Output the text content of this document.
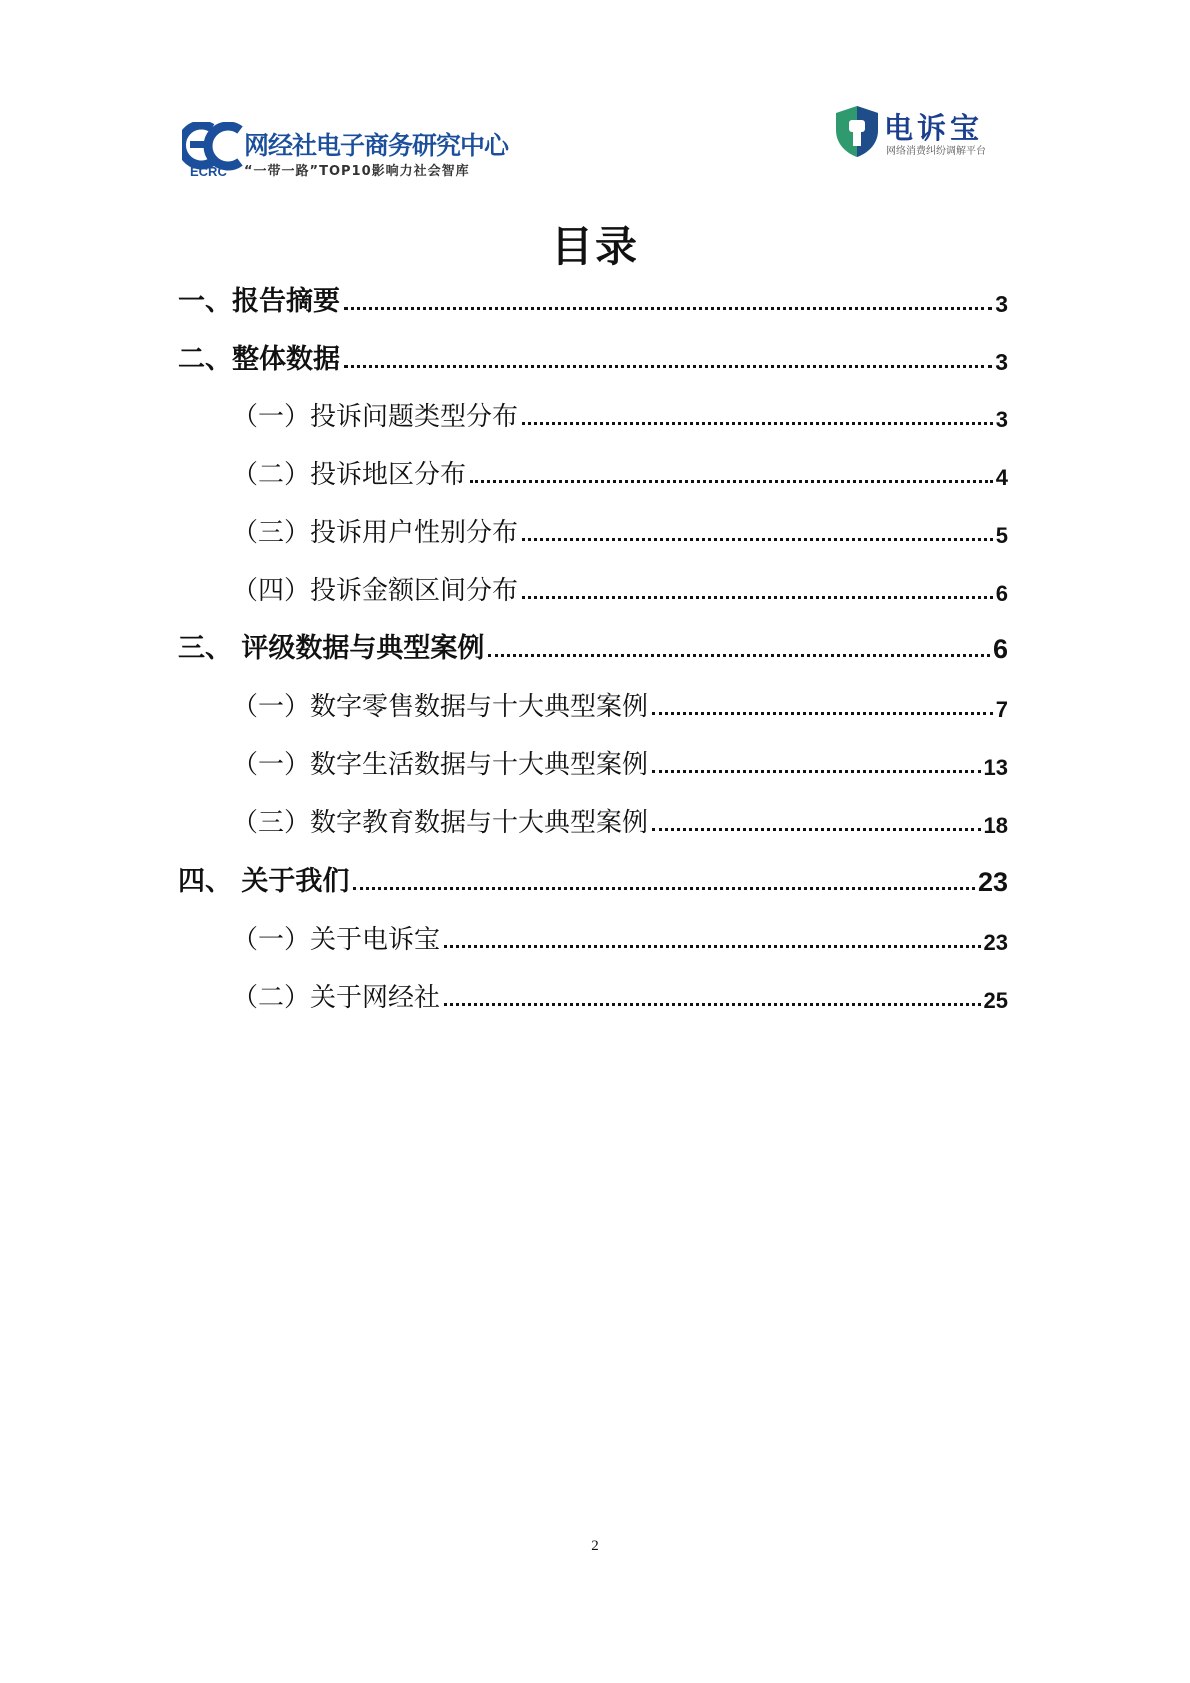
ECRC
网经社电子商务研究中心
“一带一路”TOP10影响力社会智库
电诉宝
网络消费纠纷调解平台
目录
一、报告摘要	3
二、整体数据	3
（一）投诉问题类型分布	3
（二）投诉地区分布	4
（三）投诉用户性别分布	5
（四）投诉金额区间分布	6
三、 评级数据与典型案例	6
（一）数字零售数据与十大典型案例	7
（一）数字生活数据与十大典型案例	13
（三）数字教育数据与十大典型案例	18
四、 关于我们	23
（一）关于电诉宝	23
（二）关于网经社	25
2
